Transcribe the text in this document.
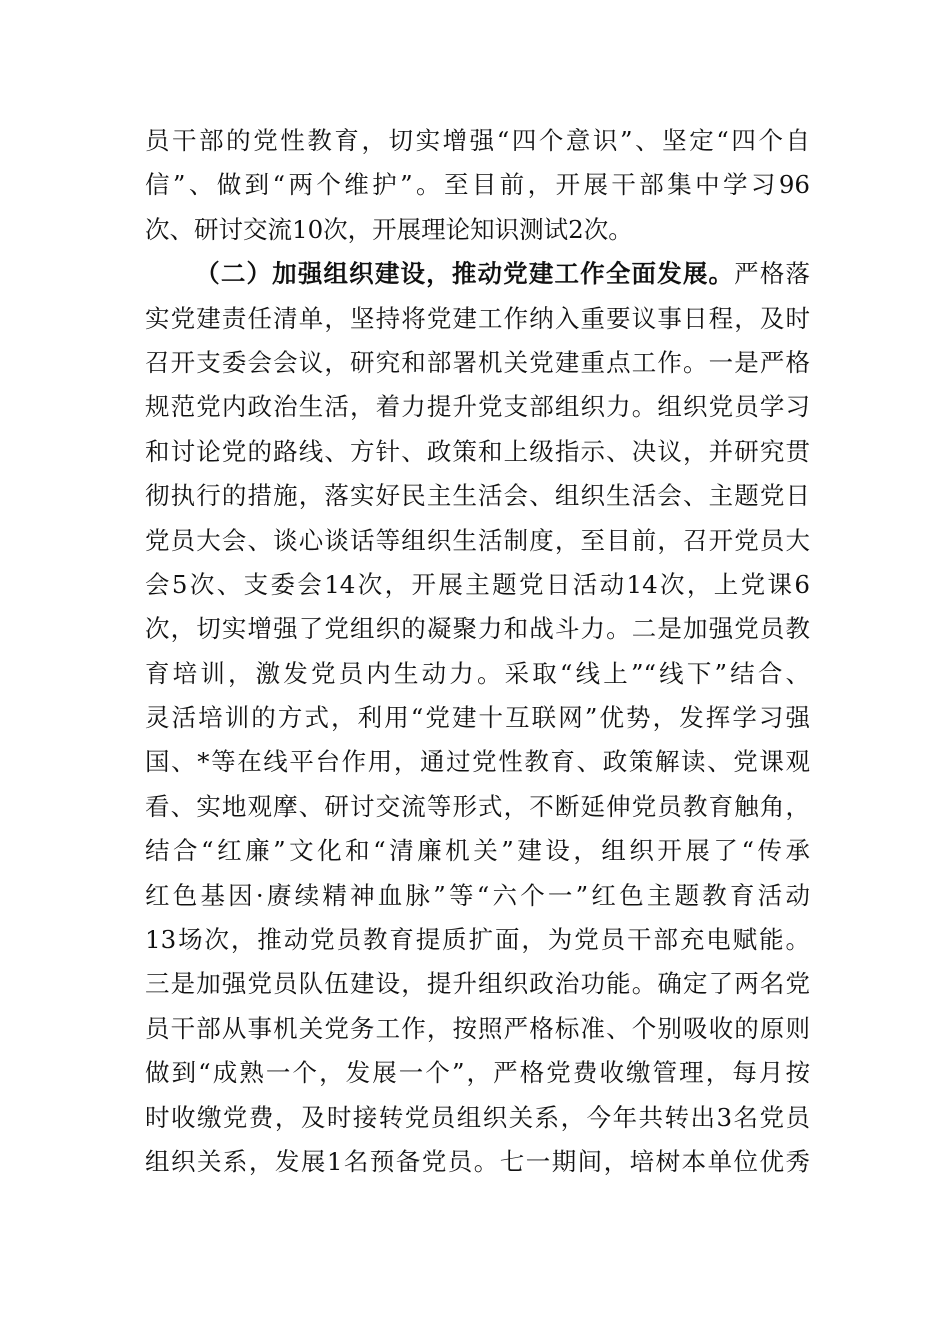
员干部的党性教育，切实增强“四个意识”、坚定“四个自
信”、做到“两个维护”。至目前，开展干部集中学习96
次、研讨交流10次，开展理论知识测试2次。
（二）加强组织建设，推动党建工作全面发展。严格落
实党建责任清单，坚持将党建工作纳入重要议事日程，及时
召开支委会会议，研究和部署机关党建重点工作。一是严格
规范党内政治生活，着力提升党支部组织力。组织党员学习
和讨论党的路线、方针、政策和上级指示、决议，并研究贯
彻执行的措施，落实好民主生活会、组织生活会、主题党日
党员大会、谈心谈话等组织生活制度，至目前，召开党员大
会5次、支委会14次，开展主题党日活动14次，上党课6
次，切实增强了党组织的凝聚力和战斗力。二是加强党员教
育培训，激发党员内生动力。采取“线上”“线下”结合、
灵活培训的方式，利用“党建十互联网”优势，发挥学习强
国、*等在线平台作用，通过党性教育、政策解读、党课观
看、实地观摩、研讨交流等形式，不断延伸党员教育触角，
结合“红廉”文化和“清廉机关”建设，组织开展了“传承
红色基因·赓续精神血脉”等“六个一”红色主题教育活动
13场次，推动党员教育提质扩面，为党员干部充电赋能。
三是加强党员队伍建设，提升组织政治功能。确定了两名党
员干部从事机关党务工作，按照严格标准、个别吸收的原则
做到“成熟一个，发展一个”，严格党费收缴管理，每月按
时收缴党费，及时接转党员组织关系，今年共转出3名党员
组织关系，发展1名预备党员。七一期间，培树本单位优秀
